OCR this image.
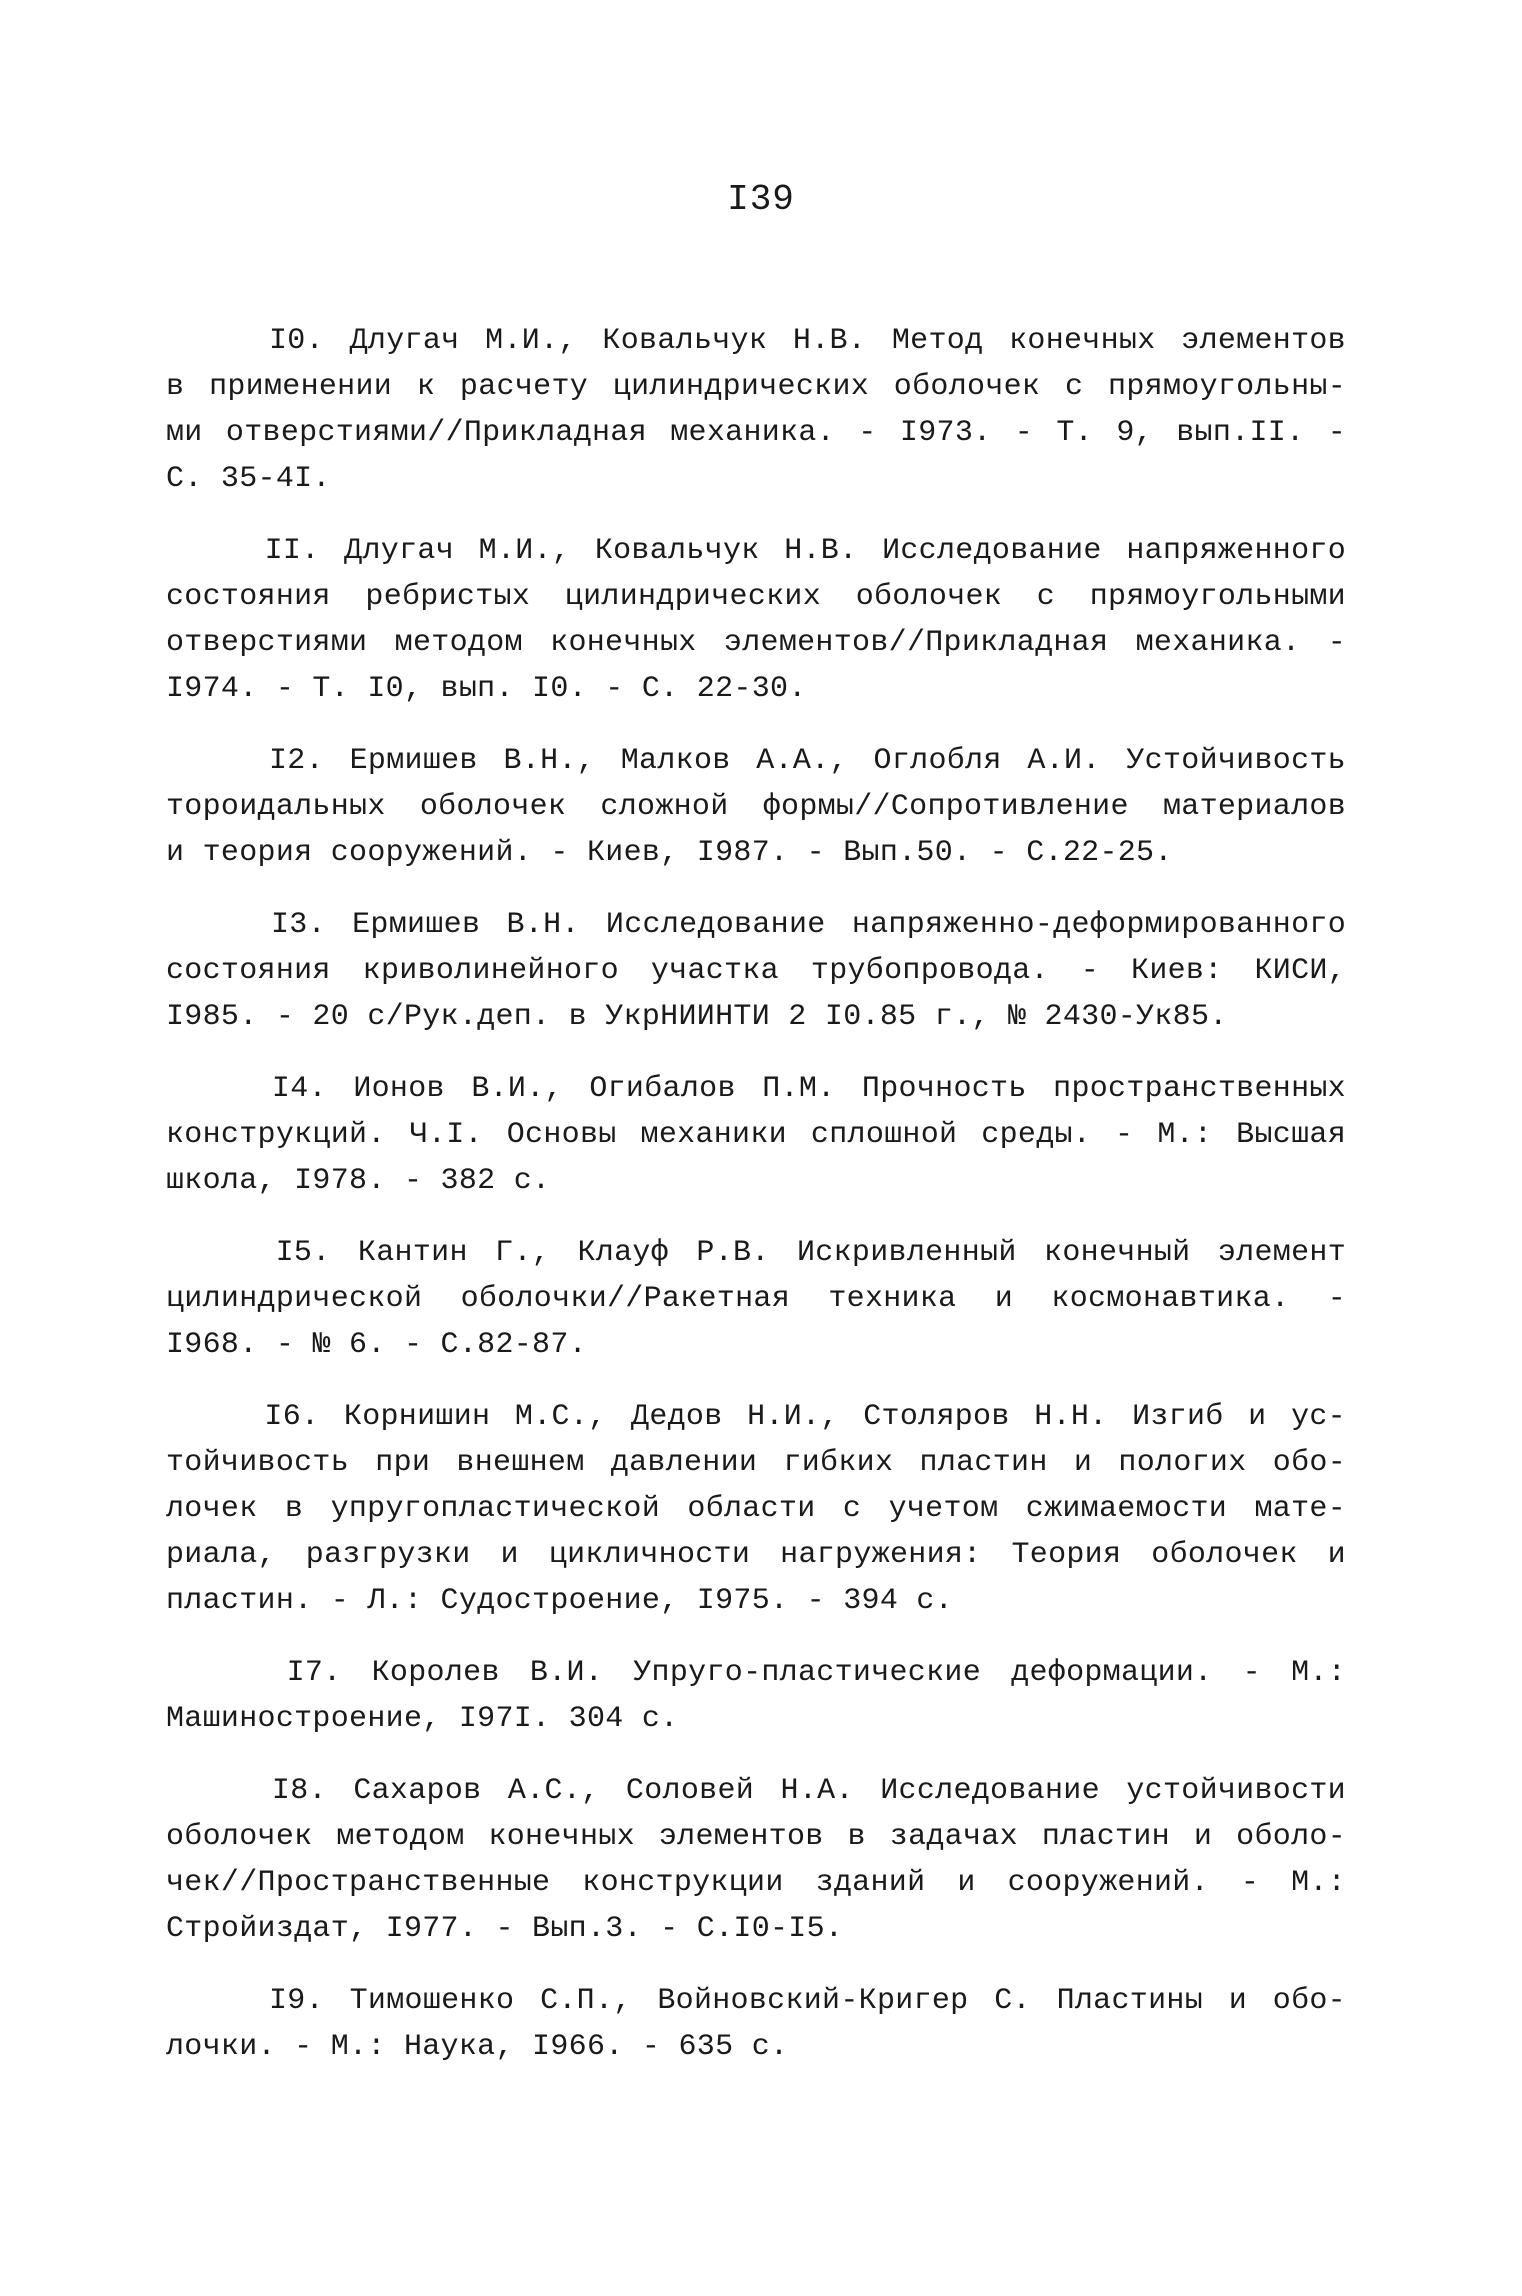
I39
I0. Длугач М.И., Ковальчук Н.В. Метод конечных элементов
в применении к расчету цилиндрических оболочек с прямоугольны-
ми отверстиями//Прикладная механика. - I973. - Т. 9, вып.II. -
С. 35-4I.
II. Длугач М.И., Ковальчук Н.В. Исследование напряженного
состояния ребристых цилиндрических оболочек с прямоугольными
отверстиями методом конечных элементов//Прикладная механика. -
I974. - Т. I0, вып. I0. - С. 22-30.
I2. Ермишев В.Н., Малков А.А., Оглобля А.И. Устойчивость
тороидальных оболочек сложной формы//Сопротивление материалов
и теория сооружений. - Киев, I987. - Вып.50. - С.22-25.
I3. Ермишев В.Н. Исследование напряженно-деформированного
состояния криволинейного участка трубопровода. - Киев: КИСИ,
I985. - 20 с/Рук.деп. в УкрНИИНТИ 2 I0.85 г., № 2430-Ук85.
I4. Ионов В.И., Огибалов П.М. Прочность пространственных
конструкций. Ч.I. Основы механики сплошной среды. - М.: Высшая
школа, I978. - 382 с.
I5. Кантин Г., Клауф Р.В. Искривленный конечный элемент
цилиндрической оболочки//Ракетная техника и космонавтика. -
I968. - № 6. - С.82-87.
I6. Корнишин М.С., Дедов Н.И., Столяров Н.Н. Изгиб и ус-
тойчивость при внешнем давлении гибких пластин и пологих обо-
лочек в упругопластической области с учетом сжимаемости мате-
риала, разгрузки и цикличности нагружения: Теория оболочек и
пластин. - Л.: Судостроение, I975. - 394 с.
I7. Королев В.И. Упруго-пластические деформации. - М.:
Машиностроение, I97I. 304 с.
I8. Сахаров А.С., Соловей Н.А. Исследование устойчивости
оболочек методом конечных элементов в задачах пластин и оболо-
чек//Пространственные конструкции зданий и сооружений. - М.:
Стройиздат, I977. - Вып.3. - С.I0-I5.
I9. Тимошенко С.П., Войновский-Кригер С. Пластины и обо-
лочки. - М.: Наука, I966. - 635 с.
